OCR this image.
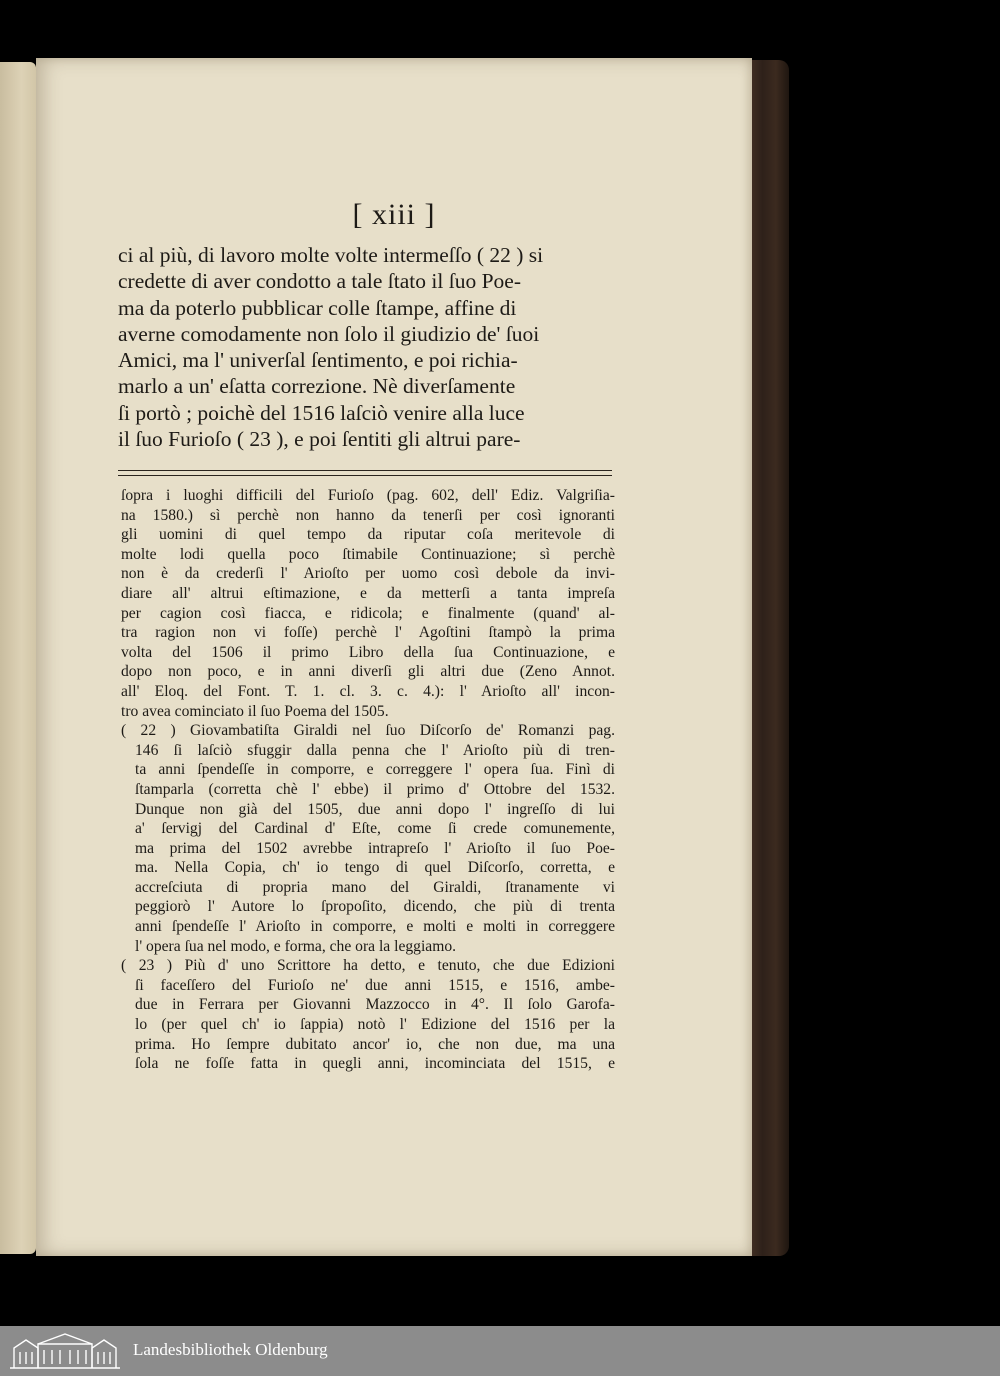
[ xiii ]
ci al più, di lavoro molte volte intermeſſo ( 22 ) si
credette di aver condotto a tale ſtato il ſuo Poe-
ma da poterlo pubblicar colle ſtampe, affine di
averne comodamente non ſolo il giudizio de' ſuoi
Amici, ma l' univerſal ſentimento, e poi richia-
marlo a un' eſatta correzione. Nè diverſamente
ſi portò ; poichè del 1516 laſciò venire alla luce
il ſuo Furioſo ( 23 ), e poi ſentiti gli altrui pare-
ſopra i luoghi difficili del Furioſo (pag. 602, dell' Ediz. Valgriſia-
na 1580.) sì perchè non hanno da tenerſi per così ignoranti
gli uomini di quel tempo da riputar coſa meritevole di
molte lodi quella poco ſtimabile Continuazione; sì perchè
non è da crederſi l' Arioſto per uomo così debole da invi-
diare all' altrui eſtimazione, e da metterſi a tanta impreſa
per cagion così fiacca, e ridicola; e finalmente (quand' al-
tra ragion non vi foſſe) perchè l' Agoſtini ſtampò la prima
volta del 1506 il primo Libro della ſua Continuazione, e
dopo non poco, e in anni diverſi gli altri due (Zeno Annot.
all' Eloq. del Font. T. 1. cl. 3. c. 4.): l' Arioſto all' incon-
tro avea cominciato il ſuo Poema del 1505.
( 22 ) Giovambatiſta Giraldi nel ſuo Diſcorſo de' Romanzi pag.
146 ſi laſciò sfuggir dalla penna che l' Arioſto più di tren-
ta anni ſpendeſſe in comporre, e correggere l' opera ſua. Finì di
ſtamparla (corretta chè l' ebbe) il primo d' Ottobre del 1532.
Dunque non già del 1505, due anni dopo l' ingreſſo di lui
a' ſervigj del Cardinal d' Eſte, come ſi crede comunemente,
ma prima del 1502 avrebbe intrapreſo l' Arioſto il ſuo Poe-
ma. Nella Copia, ch' io tengo di quel Diſcorſo, corretta, e
accreſciuta di propria mano del Giraldi, ſtranamente vi
peggiorò l' Autore lo ſpropoſito, dicendo, che più di trenta
anni ſpendeſſe l' Arioſto in comporre, e molti e molti in correggere
l' opera ſua nel modo, e forma, che ora la leggiamo.
( 23 ) Più d' uno Scrittore ha detto, e tenuto, che due Edizioni
ſi faceſſero del Furioſo ne' due anni 1515, e 1516, ambe-
due in Ferrara per Giovanni Mazzocco in 4°. Il ſolo Garofa-
lo (per quel ch' io ſappia) notò l' Edizione del 1516 per la
prima. Ho ſempre dubitato ancor' io, che non due, ma una
ſola ne foſſe fatta in quegli anni, incominciata del 1515, e
Landesbibliothek Oldenburg
